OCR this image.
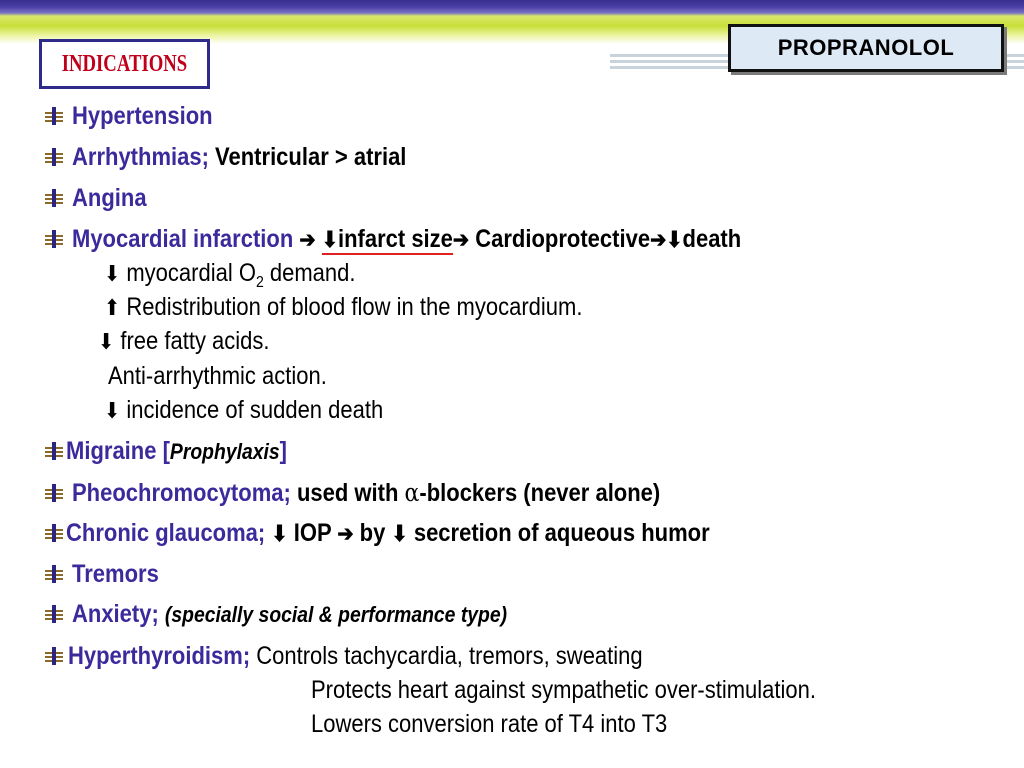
PROPRANOLOL
INDICATIONS
Hypertension
Arrhythmias; Ventricular > atrial
Angina
Myocardial infarction ➔ ⬇infarct size➔ Cardioprotective➔⬇death
⬇ myocardial $O_2$ demand.
⬆ Redistribution of blood flow in the myocardium.
⬇ free fatty acids.
Anti-arrhythmic action.
⬇ incidence of sudden death
Migraine [Prophylaxis]
Pheochromocytoma; used with α-blockers (never alone)
Chronic glaucoma; ⬇ IOP ➔ by ⬇ secretion of aqueous humor
Tremors
Anxiety; (specially social & performance type)
Hyperthyroidism; Controls tachycardia, tremors, sweating
Protects heart against sympathetic over-stimulation.
Lowers conversion rate of T4 into T3
